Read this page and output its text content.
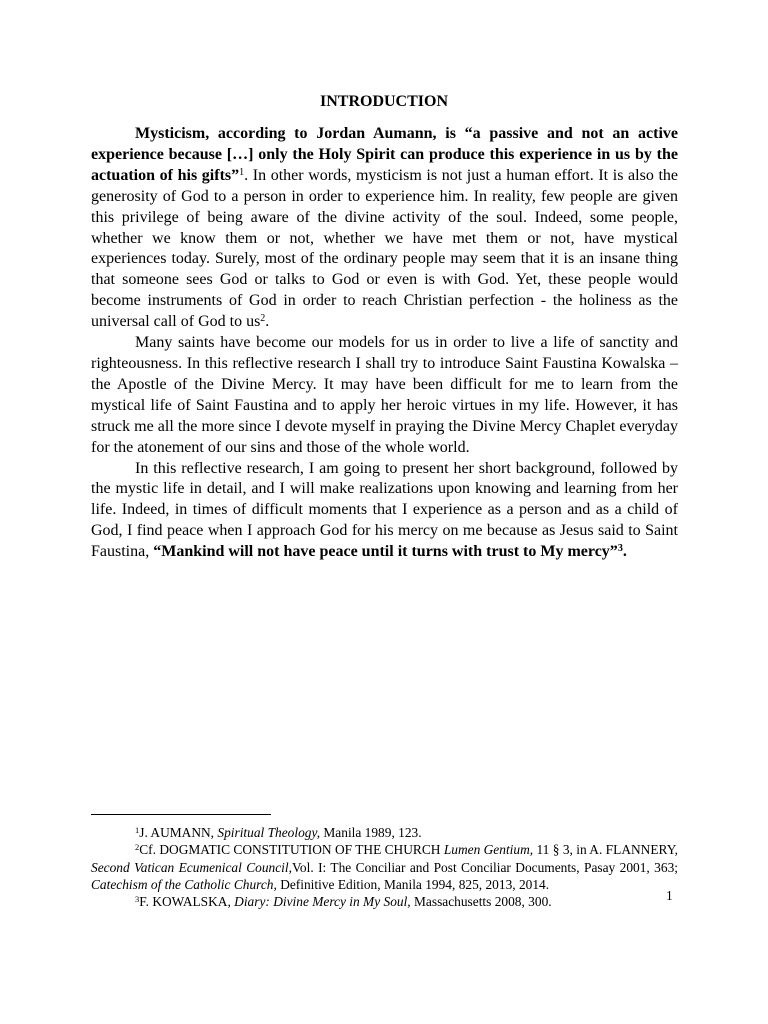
INTRODUCTION

Mysticism, according to Jordan Aumann, is “a passive and not an active experience because […] only the Holy Spirit can produce this experience in us by the actuation of his gifts”$^1$. In other words, mysticism is not just a human effort. It is also the generosity of God to a person in order to experience him. In reality, few people are given this privilege of being aware of the divine activity of the soul. Indeed, some people, whether we know them or not, whether we have met them or not, have mystical experiences today. Surely, most of the ordinary people may seem that it is an insane thing that someone sees God or talks to God or even is with God. Yet, these people would become instruments of God in order to reach Christian perfection - the holiness as the universal call of God to $us^2$.

Many saints have become our models for us in order to live a life of sanctity and righteousness. In this reflective research I shall try to introduce Saint Faustina Kowalska – the Apostle of the Divine Mercy. It may have been difficult for me to learn from the mystical life of Saint Faustina and to apply her heroic virtues in my life. However, it has struck me all the more since I devote myself in praying the Divine Mercy Chaplet everyday for the atonement of our sins and those of the whole world.

In this reflective research, I am going to present her short background, followed by the mystic life in detail, and I will make realizations upon knowing and learning from her life. Indeed, in times of difficult moments that I experience as a person and as a child of God, I find peace when I approach God for his mercy on me because as Jesus said to Saint Faustina, “Mankind will not have peace until it turns with trust to My mercy”$^3$.

$^1$J. AUMANN, Spiritual Theology, Manila 1989, 123.

$^2$Cf. DOGMATIC CONSTITUTION OF THE CHURCH Lumen Gentium, 11 § 3, in A. FLANNERY, Second Vatican Ecumenical Council,Vol. I: The Conciliar and Post Conciliar Documents, Pasay 2001, 363; Catechism of the Catholic Church, Definitive Edition, Manila 1994, 825, 2013, 2014.

$^3$F. KOWALSKA, Diary: Divine Mercy in My Soul, Massachusetts 2008, 300.	1
